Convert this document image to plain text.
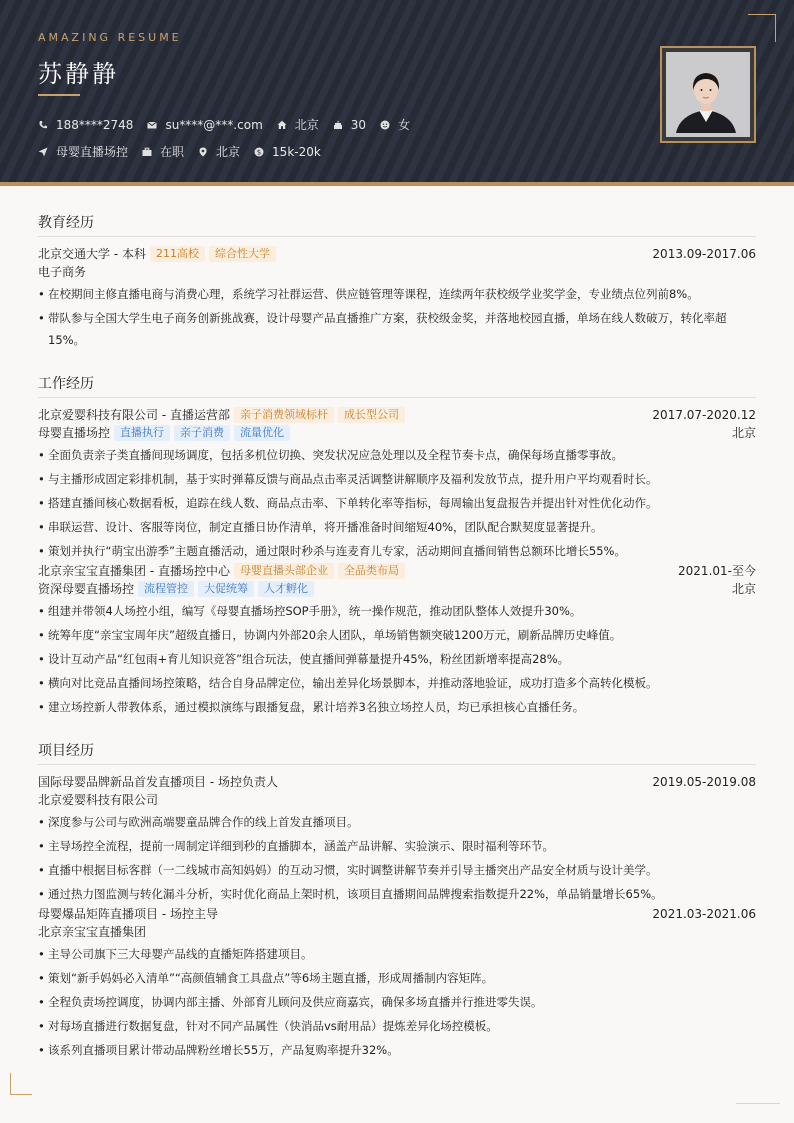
AMAZING RESUME
苏静静
188****2748	su****@***.com	北京	30	女
母婴直播场控	在职	北京 $ 15k-20k
教育经历
北京交通大学 - 本科 211高校	综合性大学	2013.09-2017.06
电子商务
• 在校期间主修直播电商与消费心理，系统学习社群运营、供应链管理等课程，连续两年获校级学业奖学金，专业绩点位列前8%。
• 带队参与全国大学生电子商务创新挑战赛，设计母婴产品直播推广方案，获校级金奖，并落地校园直播，单场在线人数破万，转化率超15%。
工作经历
北京爱婴科技有限公司 - 直播运营部 亲子消费领域标杆	成长型公司	2017.07-2020.12
母婴直播场控 直播执行	亲子消费	流量优化	北京
• 全面负责亲子类直播间现场调度，包括多机位切换、突发状况应急处理以及全程节奏卡点，确保每场直播零事故。
• 与主播形成固定彩排机制，基于实时弹幕反馈与商品点击率灵活调整讲解顺序及福利发放节点，提升用户平均观看时长。
• 搭建直播间核心数据看板，追踪在线人数、商品点击率、下单转化率等指标，每周输出复盘报告并提出针对性优化动作。
• 串联运营、设计、客服等岗位，制定直播日协作清单，将开播准备时间缩短40%，团队配合默契度显著提升。
• 策划并执行“萌宝出游季”主题直播活动，通过限时秒杀与连麦育儿专家，活动期间直播间销售总额环比增长55%。
北京亲宝宝直播集团 - 直播场控中心 母婴直播头部企业	全品类布局	2021.01-至今
资深母婴直播场控 流程管控	大促统筹	人才孵化	北京
• 组建并带领4人场控小组，编写《母婴直播场控SOP手册》，统一操作规范，推动团队整体人效提升30%。
• 统筹年度“亲宝宝周年庆”超级直播日，协调内外部20余人团队，单场销售额突破1200万元，刷新品牌历史峰值。
• 设计互动产品“红包雨+育儿知识竞答”组合玩法，使直播间弹幕量提升45%，粉丝团新增率提高28%。
• 横向对比竞品直播间场控策略，结合自身品牌定位，输出差异化场景脚本，并推动落地验证，成功打造多个高转化模板。
• 建立场控新人带教体系，通过模拟演练与跟播复盘，累计培养3名独立场控人员，均已承担核心直播任务。
项目经历
国际母婴品牌新品首发直播项目 - 场控负责人	2019.05-2019.08
北京爱婴科技有限公司
• 深度参与公司与欧洲高端婴童品牌合作的线上首发直播项目。
• 主导场控全流程，提前一周制定详细到秒的直播脚本，涵盖产品讲解、实验演示、限时福利等环节。
• 直播中根据目标客群（一二线城市高知妈妈）的互动习惯，实时调整讲解节奏并引导主播突出产品安全材质与设计美学。
• 通过热力图监测与转化漏斗分析，实时优化商品上架时机，该项目直播期间品牌搜索指数提升22%，单品销量增长65%。
母婴爆品矩阵直播项目 - 场控主导	2021.03-2021.06
北京亲宝宝直播集团
• 主导公司旗下三大母婴产品线的直播矩阵搭建项目。
• 策划“新手妈妈必入清单”“高颜值辅食工具盘点”等6场主题直播，形成周播制内容矩阵。
• 全程负责场控调度，协调内部主播、外部育儿顾问及供应商嘉宾，确保多场直播并行推进零失误。
• 对每场直播进行数据复盘，针对不同产品属性（快消品vs耐用品）提炼差异化场控模板。
• 该系列直播项目累计带动品牌粉丝增长55万，产品复购率提升32%。
